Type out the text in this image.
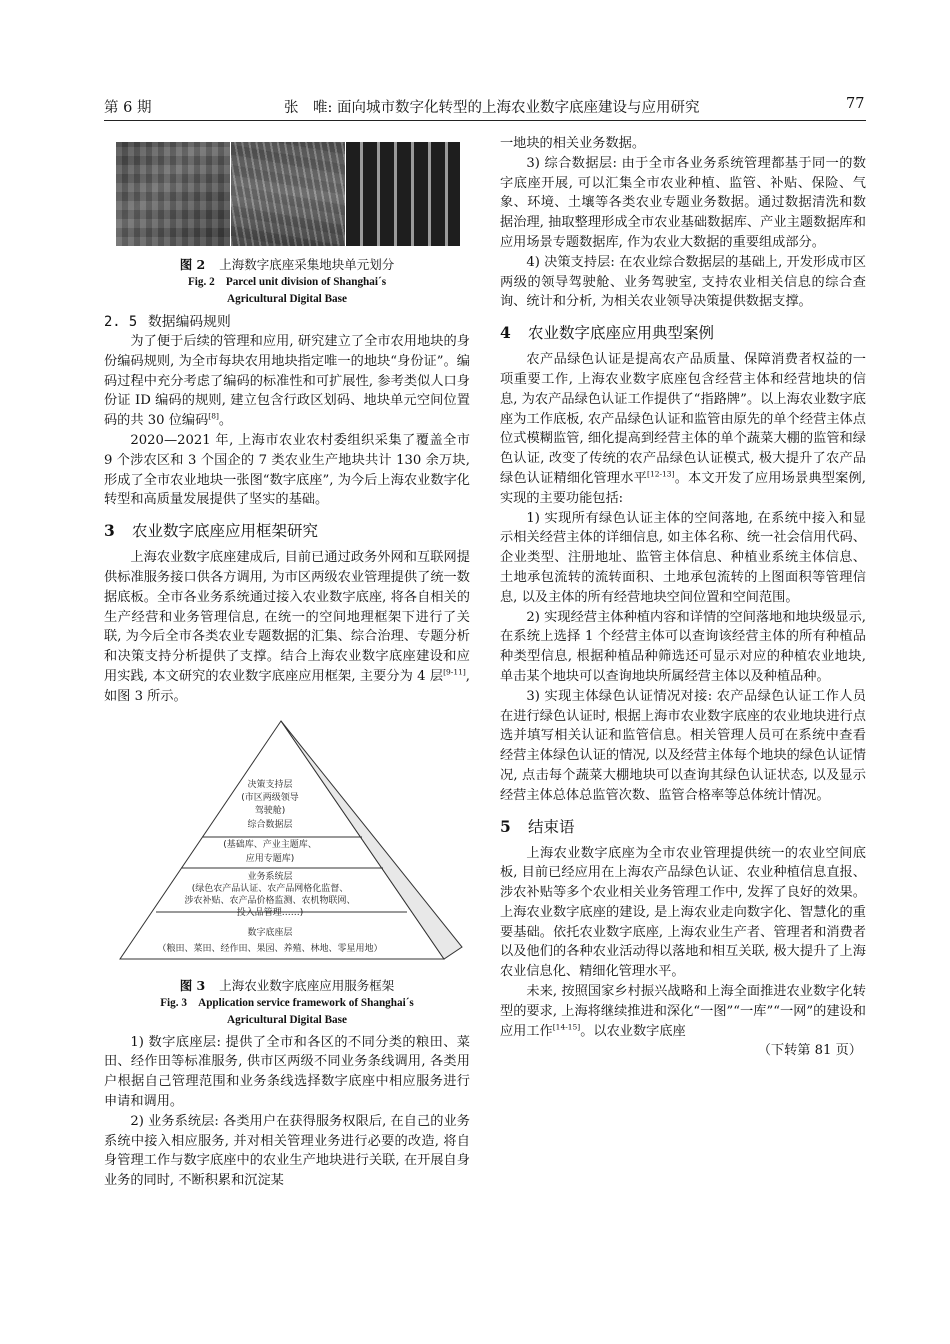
第 6 期	张　唯: 面向城市数字化转型的上海农业数字底座建设与应用研究	77
图 2 上海数字底座采集地块单元划分
Fig. 2　Parcel unit division of Shanghai´s
Agricultural Digital Base
2. 5 数据编码规则

为了便于后续的管理和应用, 研究建立了全市农用地块的身份编码规则, 为全市每块农用地块指定唯一的地块“身份证”。编码过程中充分考虑了编码的标准性和可扩展性, 参考类似人口身份证 ID 编码的规则, 建立包含行政区划码、地块单元空间位置码的共 30 位编码[8]。

2020—2021 年, 上海市农业农村委组织采集了覆盖全市 9 个涉农区和 3 个国企的 7 类农业生产地块共计 130 余万块, 形成了全市农业地块一张图“数字底座”, 为今后上海农业数字化转型和高质量发展提供了坚实的基础。

3 农业数字底座应用框架研究

上海农业数字底座建成后, 目前已通过政务外网和互联网提供标准服务接口供各方调用, 为市区两级农业管理提供了统一数据底板。全市各业务系统通过接入农业数字底座, 将各自相关的生产经营和业务管理信息, 在统一的空间地理框架下进行了关联, 为今后全市各类农业专题数据的汇集、综合治理、专题分析和决策支持分析提供了支撑。结合上海农业数字底座建设和应用实践, 本文研究的农业数字底座应用框架, 主要分为 4 层[9-11], 如图 3 所示。

决策支持层
(市区两级领导
驾驶舱)
综合数据层
(基础库、产业主题库、
应用专题库)
业务系统层
(绿色农产品认证、农产品网格化监督、
涉农补贴、农产品价格监测、农机物联网、
投入品管理……)
数字底座层
（粮田、菜田、经作田、果园、养殖、林地、零星用地）
图 3 上海农业数字底座应用服务框架
Fig. 3　Application service framework of Shanghai´s
Agricultural Digital Base

1) 数字底座层: 提供了全市和各区的不同分类的粮田、菜田、经作田等标准服务, 供市区两级不同业务条线调用, 各类用户根据自己管理范围和业务条线选择数字底座中相应服务进行申请和调用。

2) 业务系统层: 各类用户在获得服务权限后, 在自己的业务系统中接入相应服务, 并对相关管理业务进行必要的改造, 将自身管理工作与数字底座中的农业生产地块进行关联, 在开展自身业务的同时, 不断积累和沉淀某

一地块的相关业务数据。

3) 综合数据层: 由于全市各业务系统管理都基于同一的数字底座开展, 可以汇集全市农业种植、监管、补贴、保险、气象、环境、土壤等各类农业专题业务数据。通过数据清洗和数据治理, 抽取整理形成全市农业基础数据库、产业主题数据库和应用场景专题数据库, 作为农业大数据的重要组成部分。

4) 决策支持层: 在农业综合数据层的基础上, 开发形成市区两级的领导驾驶舱、业务驾驶室, 支持农业相关信息的综合查询、统计和分析, 为相关农业领导决策提供数据支撑。

4 农业数字底座应用典型案例

农产品绿色认证是提高农产品质量、保障消费者权益的一项重要工作, 上海农业数字底座包含经营主体和经营地块的信息, 为农产品绿色认证工作提供了“指路牌”。以上海农业数字底座为工作底板, 农产品绿色认证和监管由原先的单个经营主体点位式模糊监管, 细化提高到经营主体的单个蔬菜大棚的监管和绿色认证, 改变了传统的农产品绿色认证模式, 极大提升了农产品绿色认证精细化管理水平[12-13]。本文开发了应用场景典型案例, 实现的主要功能包括:

1) 实现所有绿色认证主体的空间落地, 在系统中接入和显示相关经营主体的详细信息, 如主体名称、统一社会信用代码、企业类型、注册地址、监管主体信息、种植业系统主体信息、土地承包流转的流转面积、土地承包流转的上图面积等管理信息, 以及主体的所有经营地块空间位置和空间范围。

2) 实现经营主体种植内容和详情的空间落地和地块级显示, 在系统上选择 1 个经营主体可以查询该经营主体的所有种植品种类型信息, 根据种植品种筛选还可显示对应的种植农业地块, 单击某个地块可以查询地块所属经营主体以及种植品种。

3) 实现主体绿色认证情况对接: 农产品绿色认证工作人员在进行绿色认证时, 根据上海市农业数字底座的农业地块进行点选并填写相关认证和监管信息。相关管理人员可在系统中查看经营主体绿色认证的情况, 以及经营主体每个地块的绿色认证情况, 点击每个蔬菜大棚地块可以查询其绿色认证状态, 以及显示经营主体总体总监管次数、监管合格率等总体统计情况。

5 结束语

上海农业数字底座为全市农业管理提供统一的农业空间底板, 目前已经应用在上海农产品绿色认证、农业种植信息直报、涉农补贴等多个农业相关业务管理工作中, 发挥了良好的效果。上海农业数字底座的建设, 是上海农业走向数字化、智慧化的重要基础。依托农业数字底座, 上海农业生产者、管理者和消费者以及他们的各种农业活动得以落地和相互关联, 极大提升了上海农业信息化、精细化管理水平。

未来, 按照国家乡村振兴战略和上海全面推进农业数字化转型的要求, 上海将继续推进和深化“一图”“一库”“一网”的建设和应用工作[14-15]。以农业数字底座

（下转第 81 页）
